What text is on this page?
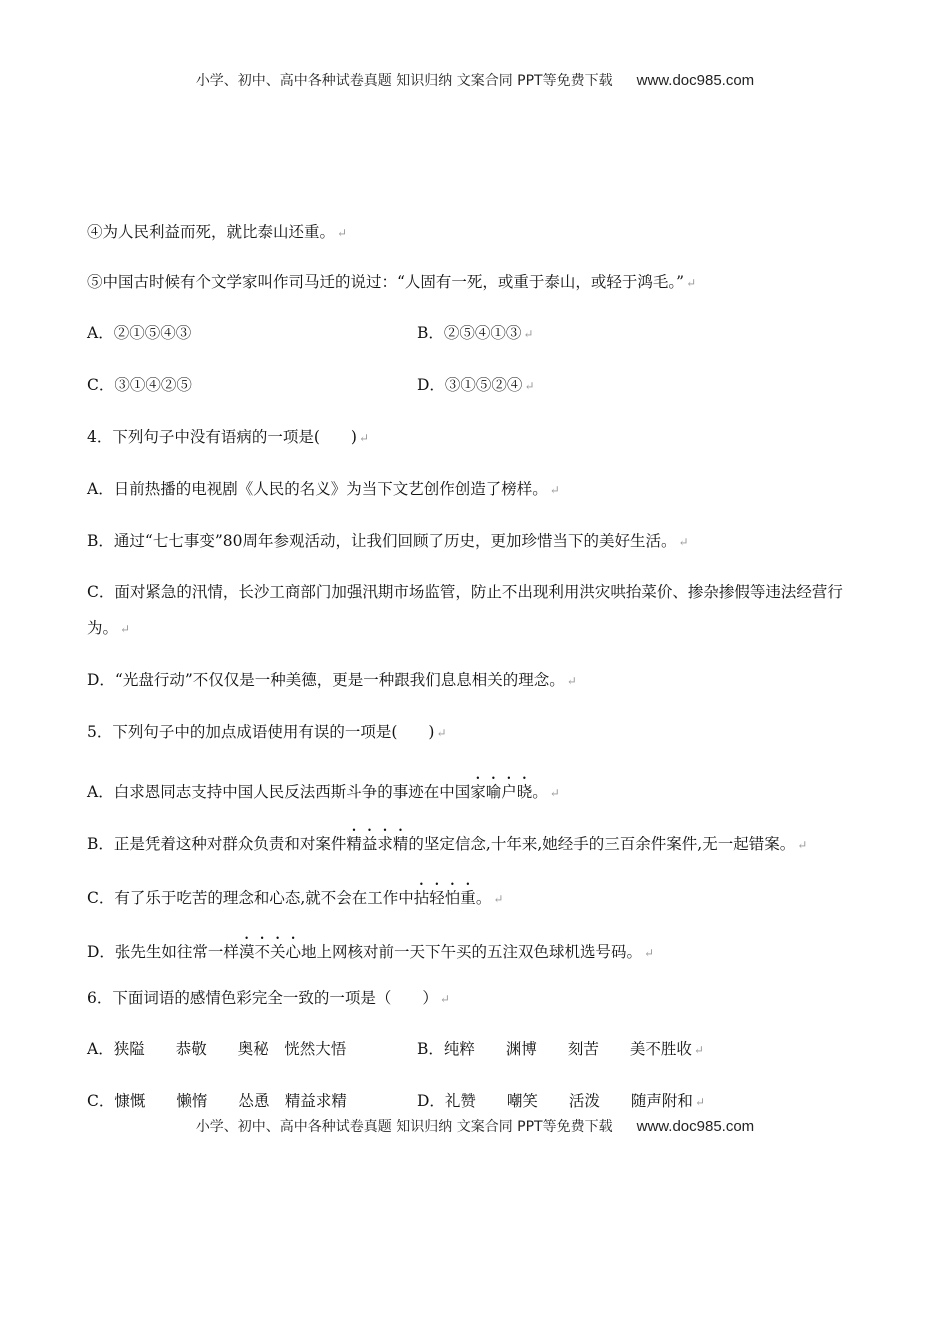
小学、初中、高中各种试卷真题 知识归纳 文案合同 PPT等免费下载 www.doc985.com
④为人民利益而死，就比泰山还重。 ↵
⑤中国古时候有个文学家叫作司马迁的说过：“人固有一死，或重于泰山，或轻于鸿毛。” ↵
A．②①⑤④③	B．②⑤④①③ ↵
C．③①④②⑤	D．③①⑤②④ ↵
4．下列句子中没有语病的一项是(　　) ↵
A．日前热播的电视剧《人民的名义》为当下文艺创作创造了榜样。 ↵
B．通过“七七事变”80周年参观活动，让我们回顾了历史，更加珍惜当下的美好生活。 ↵
C．面对紧急的汛情，长沙工商部门加强汛期市场监管，防止不出现利用洪灾哄抬菜价、掺杂掺假等违法经营行为。 ↵
D．“光盘行动”不仅仅是一种美德，更是一种跟我们息息相关的理念。 ↵
5．下列句子中的加点成语使用有误的一项是(　　) ↵
A．白求恩同志支持中国人民反法西斯斗争的事迹在中国家喻户晓。 ↵
B．正是凭着这种对群众负责和对案件精益求精的坚定信念,十年来,她经手的三百余件案件,无一起错案。 ↵
C．有了乐于吃苦的理念和心态,就不会在工作中拈轻怕重。 ↵
D．张先生如往常一样漠不关心地上网核对前一天下午买的五注双色球机选号码。 ↵
6．下面词语的感情色彩完全一致的一项是（　　） ↵
A．狭隘　　恭敬　　奥秘　恍然大悟	B．纯粹　　渊博　　刻苦　　美不胜收 ↵
C．慷慨　　懒惰　　怂恿　精益求精	D．礼赞　　嘲笑　　活泼　　随声附和 ↵
小学、初中、高中各种试卷真题 知识归纳 文案合同 PPT等免费下载 www.doc985.com
